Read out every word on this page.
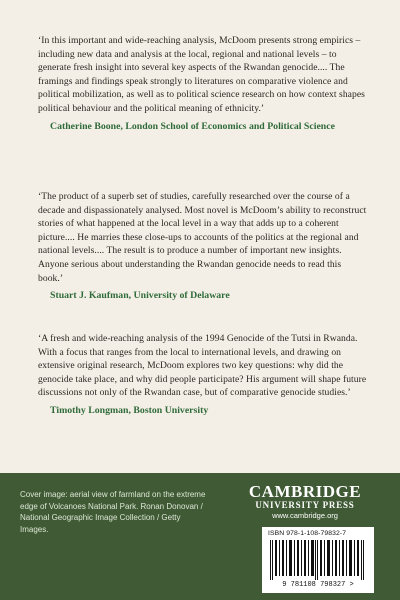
‘In this important and wide-reaching analysis, McDoom presents strong empirics – including new data and analysis at the local, regional and national levels – to generate fresh insight into several key aspects of the Rwandan genocide.... The framings and findings speak strongly to literatures on comparative violence and political mobilization, as well as to political science research on how context shapes political behaviour and the political meaning of ethnicity.’

Catherine Boone, London School of Economics and Political Science

‘The product of a superb set of studies, carefully researched over the course of a decade and dispassionately analysed. Most novel is McDoom’s ability to reconstruct stories of what happened at the local level in a way that adds up to a coherent picture.... He marries these close-ups to accounts of the politics at the regional and national levels.... The result is to produce a number of important new insights. Anyone serious about understanding the Rwandan genocide needs to read this book.’

Stuart J. Kaufman, University of Delaware

‘A fresh and wide-reaching analysis of the 1994 Genocide of the Tutsi in Rwanda. With a focus that ranges from the local to international levels, and drawing on extensive original research, McDoom explores two key questions: why did the genocide take place, and why did people participate? His argument will shape future discussions not only of the Rwandan case, but of comparative genocide studies.’

Timothy Longman, Boston University

Cover image: aerial view of farmland on the extreme edge of Volcanoes National Park. Ronan Donovan / National Geographic Image Collection / Getty Images.
CAMBRIDGE
UNIVERSITY PRESS
www.cambridge.org
ISBN 978-1-108-79832-7
9 781108 798327 >
